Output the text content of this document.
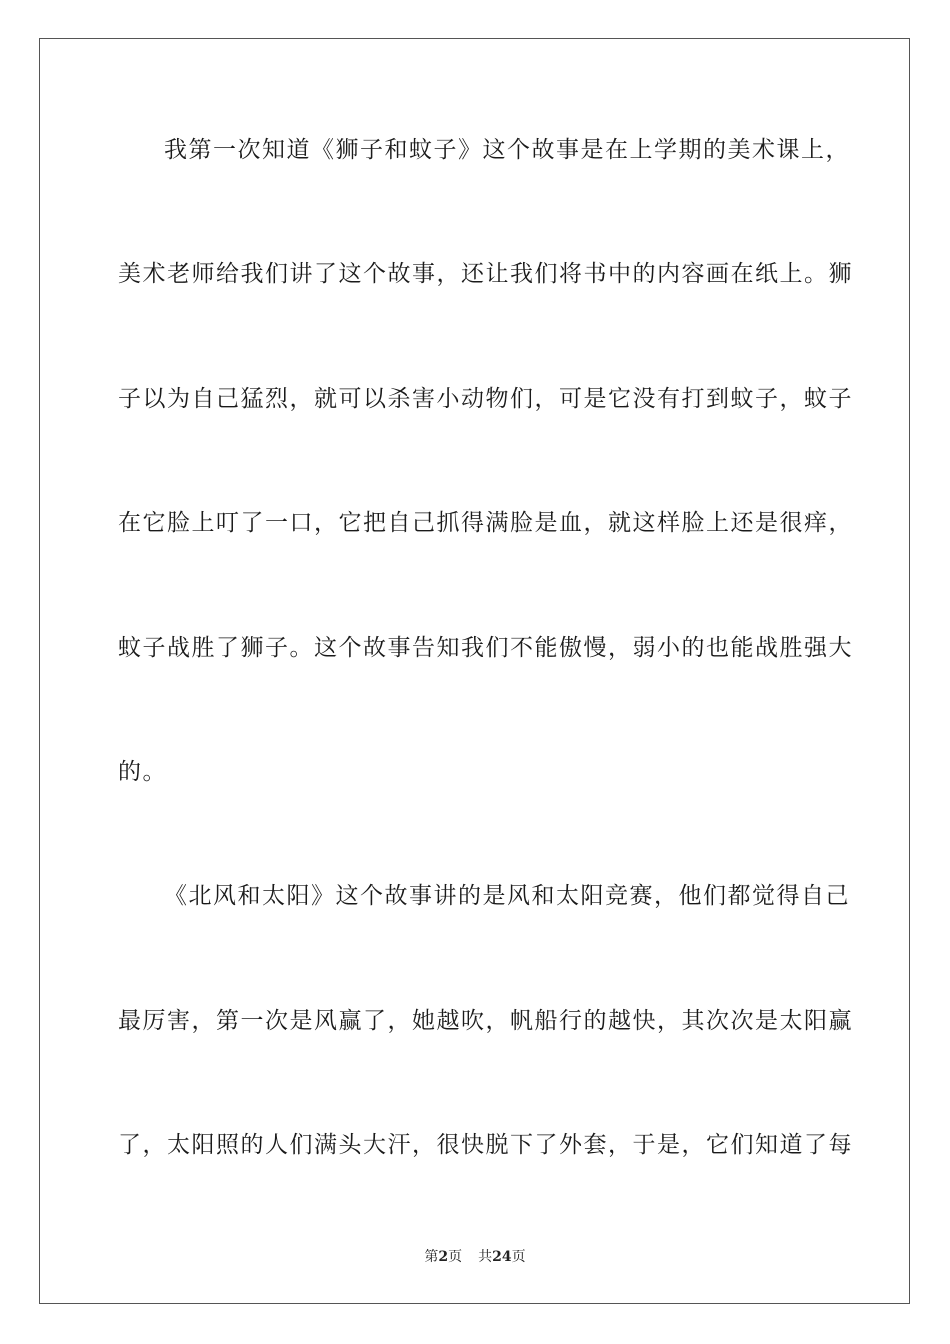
我第一次知道《狮子和蚊子》这个故事是在上学期的美术课上，
美术老师给我们讲了这个故事，还让我们将书中的内容画在纸上。狮
子以为自己猛烈，就可以杀害小动物们，可是它没有打到蚊子，蚊子
在它脸上叮了一口，它把自己抓得满脸是血，就这样脸上还是很痒，
蚊子战胜了狮子。这个故事告知我们不能傲慢，弱小的也能战胜强大
的。
《北风和太阳》这个故事讲的是风和太阳竞赛，他们都觉得自己
最厉害，第一次是风赢了，她越吹，帆船行的越快，其次次是太阳赢
了，太阳照的人们满头大汗，很快脱下了外套，于是，它们知道了每
第2页 共24页
